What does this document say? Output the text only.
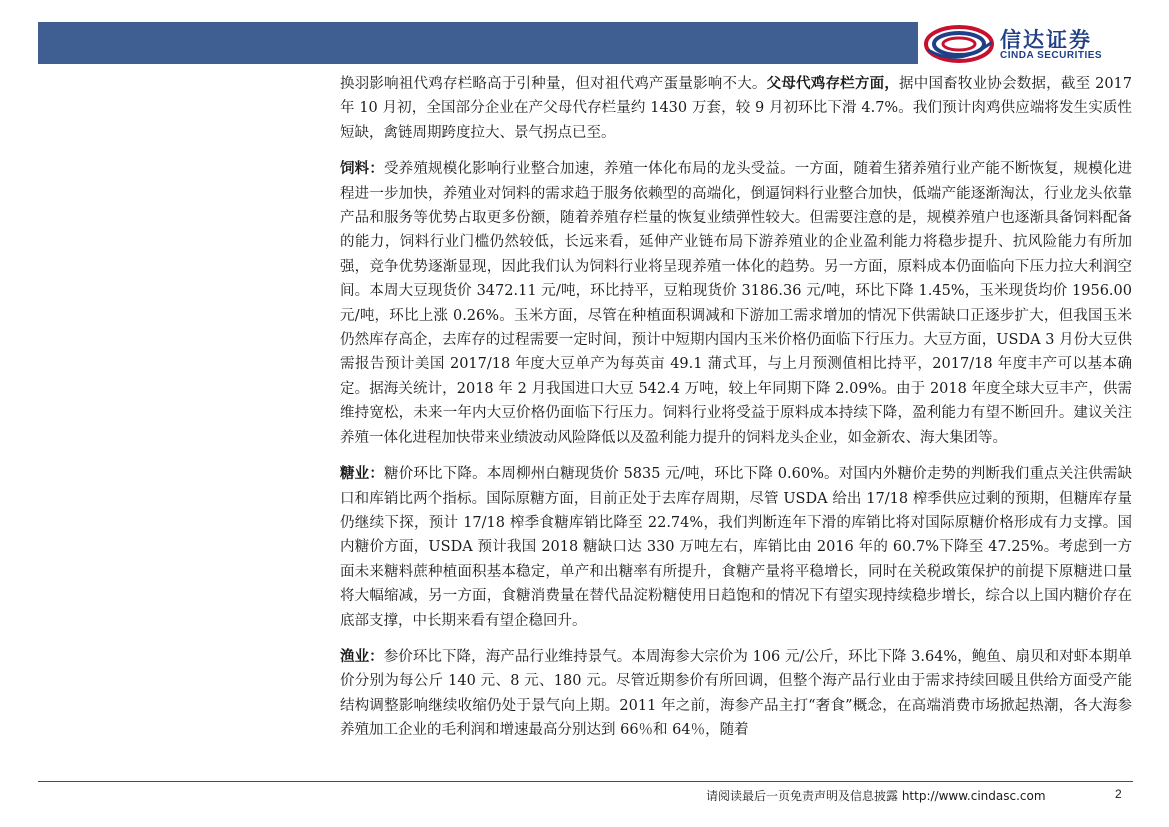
信达证券
CINDA SECURITIES

换羽影响祖代鸡存栏略高于引种量，但对祖代鸡产蛋量影响不大。父母代鸡存栏方面，据中国畜牧业协会数据，截至 2017 年 10 月初，全国部分企业在产父母代存栏量约 1430 万套，较 9 月初环比下滑 4.7%。我们预计肉鸡供应端将发生实质性短缺，禽链周期跨度拉大、景气拐点已至。

饲料：受养殖规模化影响行业整合加速，养殖一体化布局的龙头受益。一方面，随着生猪养殖行业产能不断恢复，规模化进程进一步加快，养殖业对饲料的需求趋于服务依赖型的高端化，倒逼饲料行业整合加快，低端产能逐渐淘汰，行业龙头依靠产品和服务等优势占取更多份额，随着养殖存栏量的恢复业绩弹性较大。但需要注意的是，规模养殖户也逐渐具备饲料配备的能力，饲料行业门槛仍然较低，长远来看，延伸产业链布局下游养殖业的企业盈利能力将稳步提升、抗风险能力有所加强，竞争优势逐渐显现，因此我们认为饲料行业将呈现养殖一体化的趋势。另一方面，原料成本仍面临向下压力拉大利润空间。本周大豆现货价 3472.11 元/吨，环比持平，豆粕现货价 3186.36 元/吨，环比下降 1.45%，玉米现货均价 1956.00 元/吨，环比上涨 0.26%。玉米方面，尽管在种植面积调减和下游加工需求增加的情况下供需缺口正逐步扩大，但我国玉米仍然库存高企，去库存的过程需要一定时间，预计中短期内国内玉米价格仍面临下行压力。大豆方面，USDA 3 月份大豆供需报告预计美国 2017/18 年度大豆单产为每英亩 49.1 蒲式耳，与上月预测值相比持平，2017/18 年度丰产可以基本确定。据海关统计，2018 年 2 月我国进口大豆 542.4 万吨，较上年同期下降 2.09%。由于 2018 年度全球大豆丰产，供需维持宽松，未来一年内大豆价格仍面临下行压力。饲料行业将受益于原料成本持续下降，盈利能力有望不断回升。建议关注养殖一体化进程加快带来业绩波动风险降低以及盈利能力提升的饲料龙头企业，如金新农、海大集团等。

糖业：糖价环比下降。本周柳州白糖现货价 5835 元/吨，环比下降 0.60%。对国内外糖价走势的判断我们重点关注供需缺口和库销比两个指标。国际原糖方面，目前正处于去库存周期，尽管 USDA 给出 17/18 榨季供应过剩的预期，但糖库存量仍继续下探，预计 17/18 榨季食糖库销比降至 22.74%，我们判断连年下滑的库销比将对国际原糖价格形成有力支撑。国内糖价方面，USDA 预计我国 2018 糖缺口达 330 万吨左右，库销比由 2016 年的 60.7%下降至 47.25%。考虑到一方面未来糖料蔗种植面积基本稳定，单产和出糖率有所提升，食糖产量将平稳增长，同时在关税政策保护的前提下原糖进口量将大幅缩减，另一方面，食糖消费量在替代品淀粉糖使用日趋饱和的情况下有望实现持续稳步增长，综合以上国内糖价存在底部支撑，中长期来看有望企稳回升。

渔业：参价环比下降，海产品行业维持景气。本周海参大宗价为 106 元/公斤，环比下降 3.64%，鲍鱼、扇贝和对虾本期单价分别为每公斤 140 元、8 元、180 元。尽管近期参价有所回调，但整个海产品行业由于需求持续回暖且供给方面受产能结构调整影响继续收缩仍处于景气向上期。2011 年之前，海参产品主打“奢食”概念，在高端消费市场掀起热潮，各大海参养殖加工企业的毛利润和增速最高分别达到 66％和 64％，随着

请阅读最后一页免责声明及信息披露 http://www.cindasc.com	2
